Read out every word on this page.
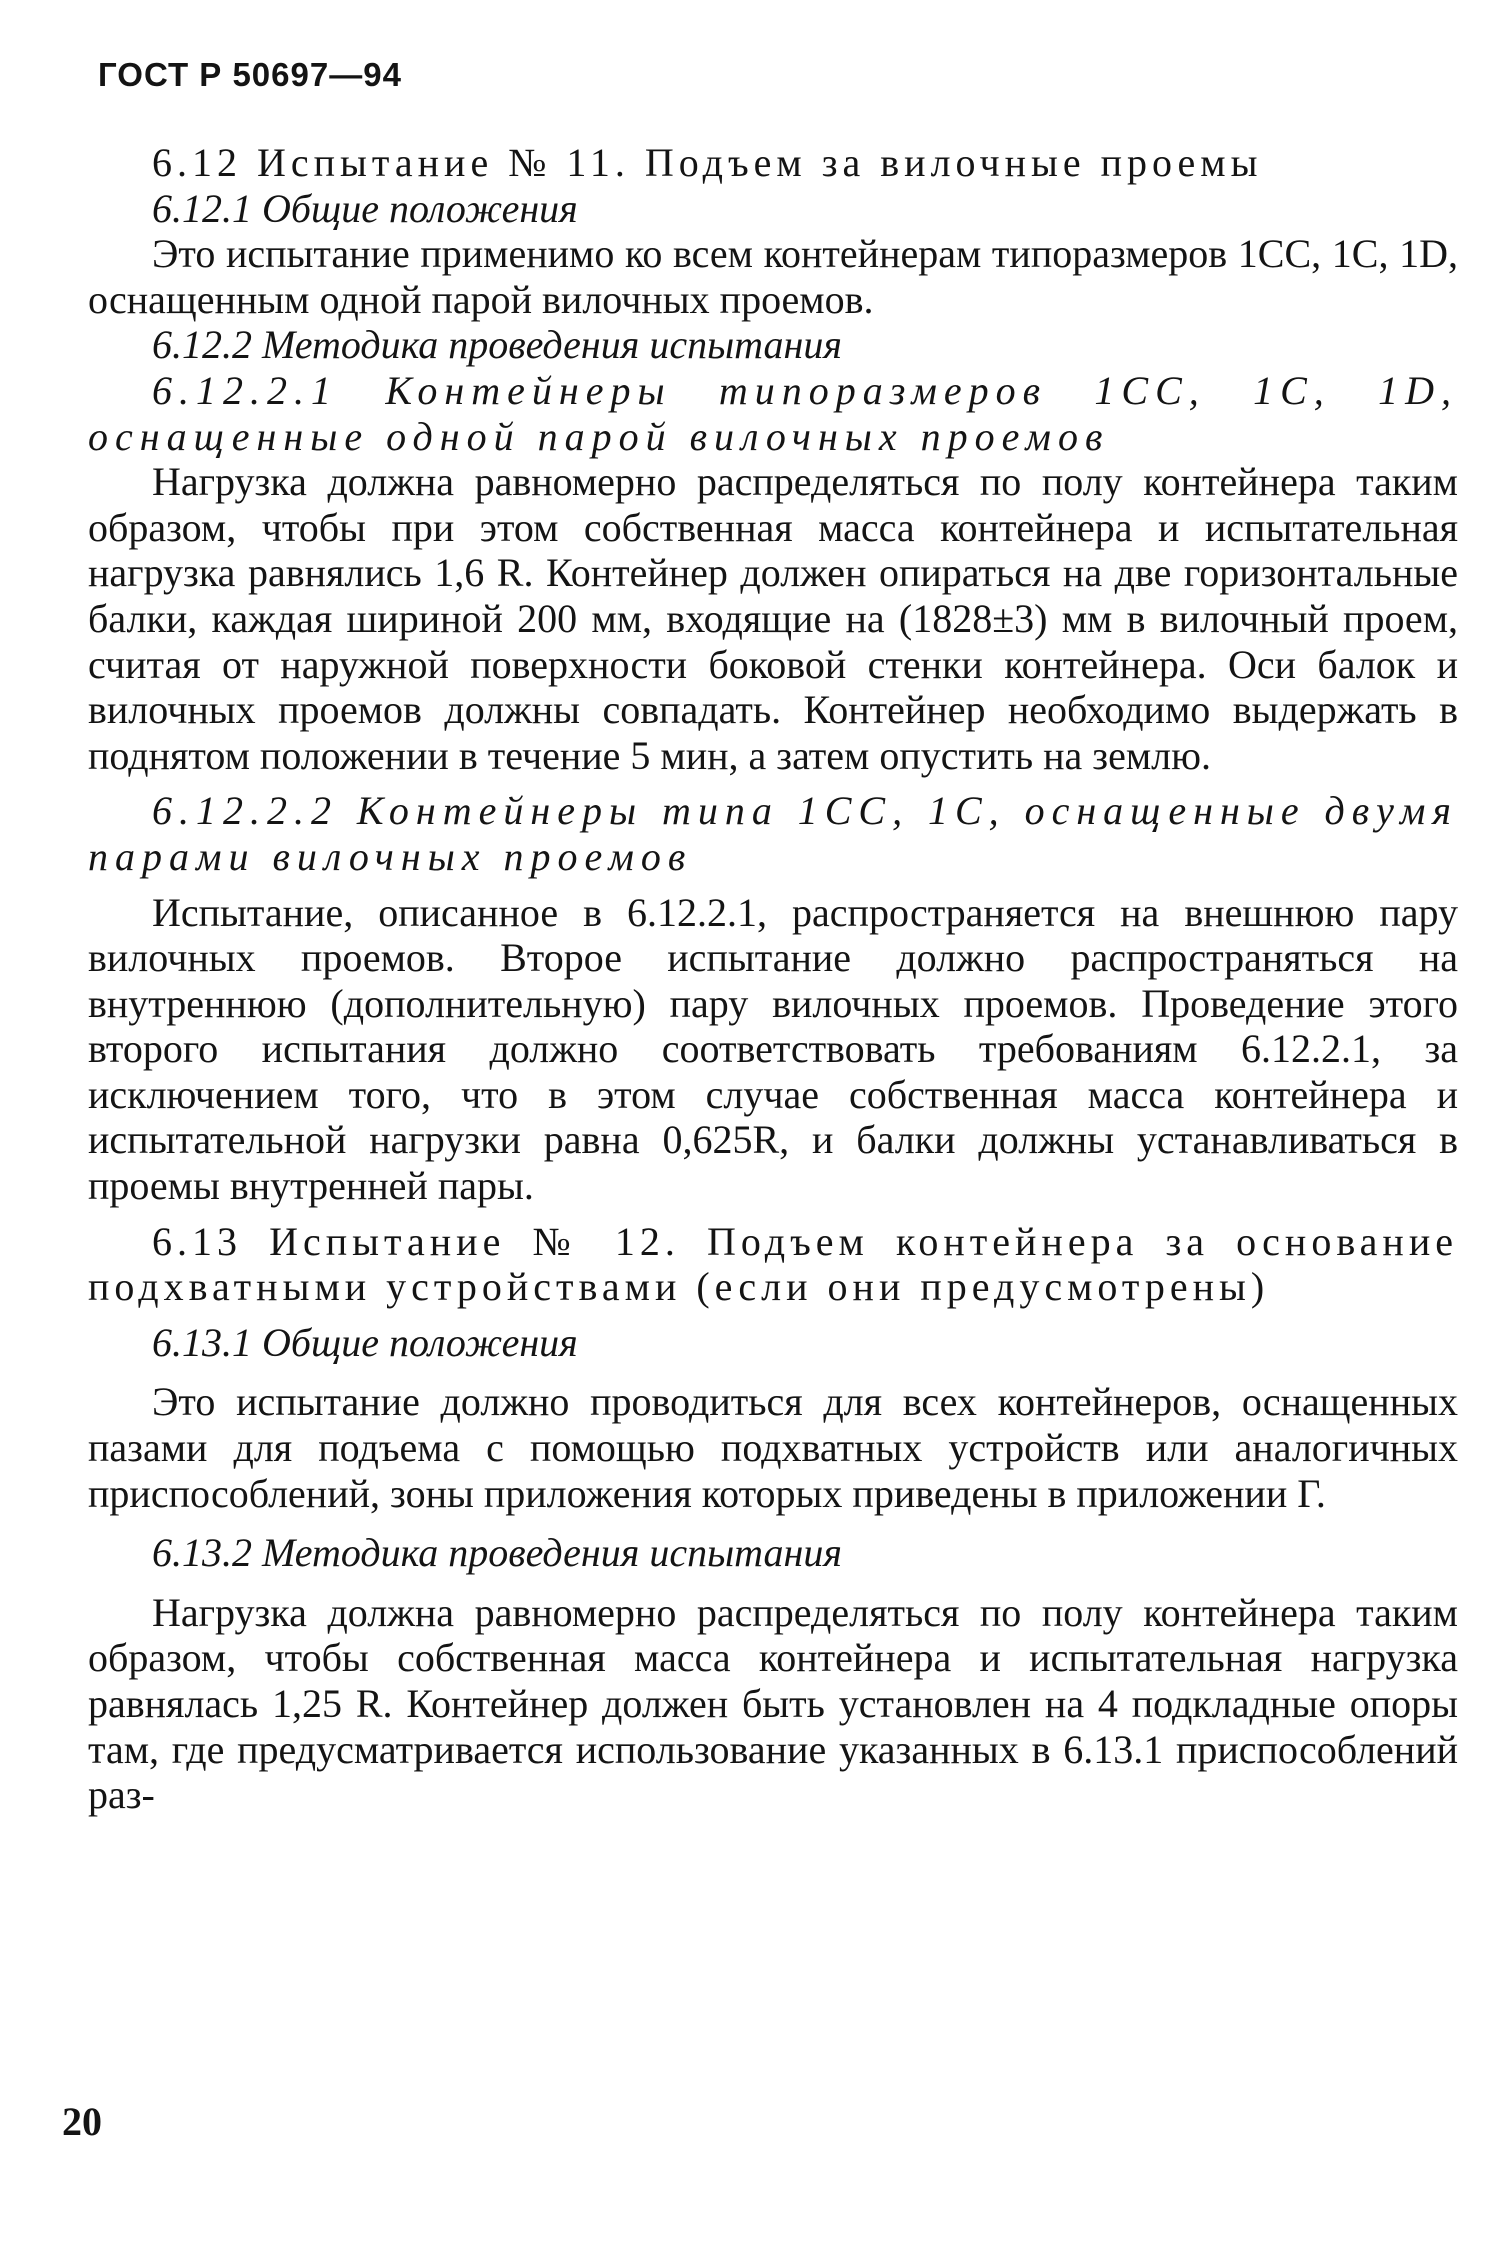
ГОСТ Р 50697—94

6.12 Испытание № 11. Подъем за вилочные проемы

6.12.1 Общие положения

Это испытание применимо ко всем контейнерам типоразмеров 1СС, 1С, 1D, оснащенным одной парой вилочных проемов.

6.12.2 Методика проведения испытания

6.12.2.1 Контейнеры типоразмеров 1СС, 1С, 1D, оснащенные одной парой вилочных проемов

Нагрузка должна равномерно распределяться по полу контейнера таким образом, чтобы при этом собственная масса контейнера и испытательная нагрузка равнялись 1,6 R. Контейнер должен опираться на две горизонтальные балки, каждая шириной 200 мм, входящие на (1828±3) мм в вилочный проем, считая от наружной поверхности боковой стенки контейнера. Оси балок и вилочных проемов должны совпадать. Контейнер необходимо выдержать в поднятом положении в течение 5 мин, а затем опустить на землю.

6.12.2.2 Контейнеры типа 1СС, 1С, оснащенные двумя парами вилочных проемов

Испытание, описанное в 6.12.2.1, распространяется на внешнюю пару вилочных проемов. Второе испытание должно распространяться на внутреннюю (дополнительную) пару вилочных проемов. Проведение этого второго испытания должно соответствовать требованиям 6.12.2.1, за исключением того, что в этом случае собственная масса контейнера и испытательной нагрузки равна 0,625R, и балки должны устанавливаться в проемы внутренней пары.

6.13 Испытание № 12. Подъем контейнера за основание подхватными устройствами (если они предусмотрены)

6.13.1 Общие положения

Это испытание должно проводиться для всех контейнеров, оснащенных пазами для подъема с помощью подхватных устройств или аналогичных приспособлений, зоны приложения которых приведены в приложении Г.

6.13.2 Методика проведения испытания

Нагрузка должна равномерно распределяться по полу контейнера таким образом, чтобы собственная масса контейнера и испытательная нагрузка равнялась 1,25 R. Контейнер должен быть установлен на 4 подкладные опоры там, где предусматривается использование указанных в 6.13.1 приспособлений раз-

20
